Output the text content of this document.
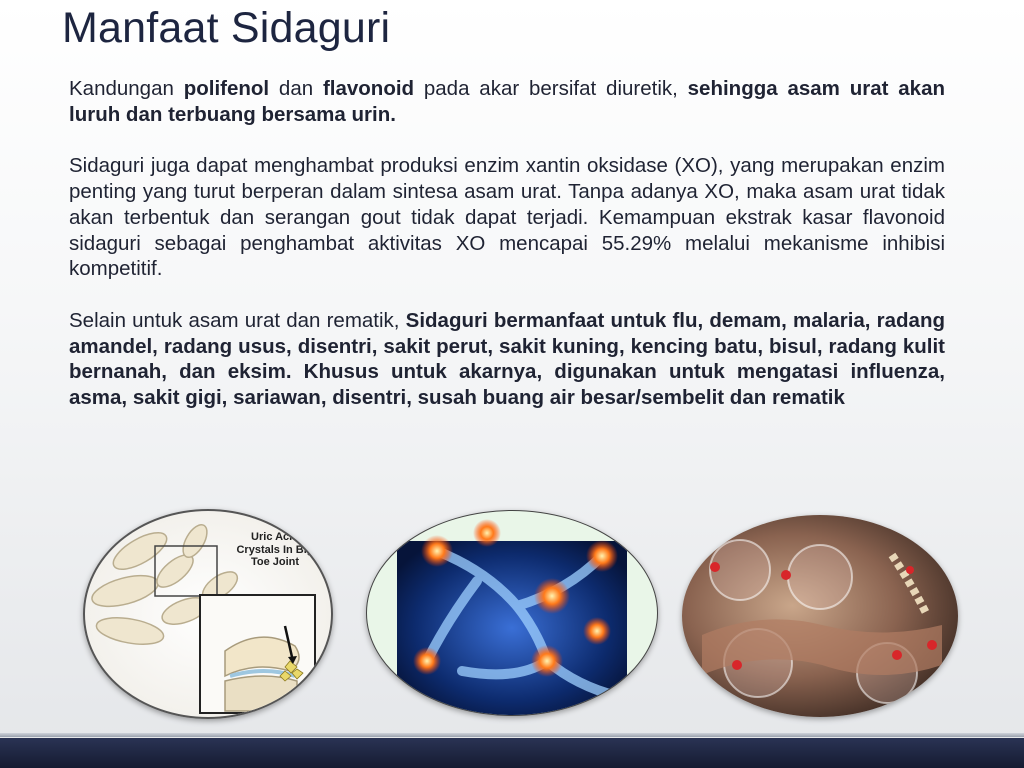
Manfaat Sidaguri

Kandungan polifenol dan flavonoid pada akar bersifat diuretik, sehingga asam urat akan luruh dan terbuang bersama urin.

Sidaguri juga dapat menghambat produksi enzim xantin oksidase (XO), yang merupakan enzim penting yang turut berperan dalam sintesa asam urat. Tanpa adanya XO, maka asam urat tidak akan terbentuk dan serangan gout tidak dapat terjadi. Kemampuan ekstrak kasar flavonoid sidaguri sebagai penghambat aktivitas XO mencapai 55.29% melalui mekanisme inhibisi kompetitif.

Selain untuk asam urat dan rematik, Sidaguri bermanfaat untuk flu, demam, malaria, radang amandel, radang usus, disentri, sakit perut, sakit kuning, kencing batu, bisul, radang kulit bernanah, dan eksim. Khusus untuk akarnya, digunakan untuk mengatasi influenza, asma, sakit gigi, sariawan, disentri, susah buang air besar/sembelit dan rematik

Uric Acid Crystals In Big Toe Joint
